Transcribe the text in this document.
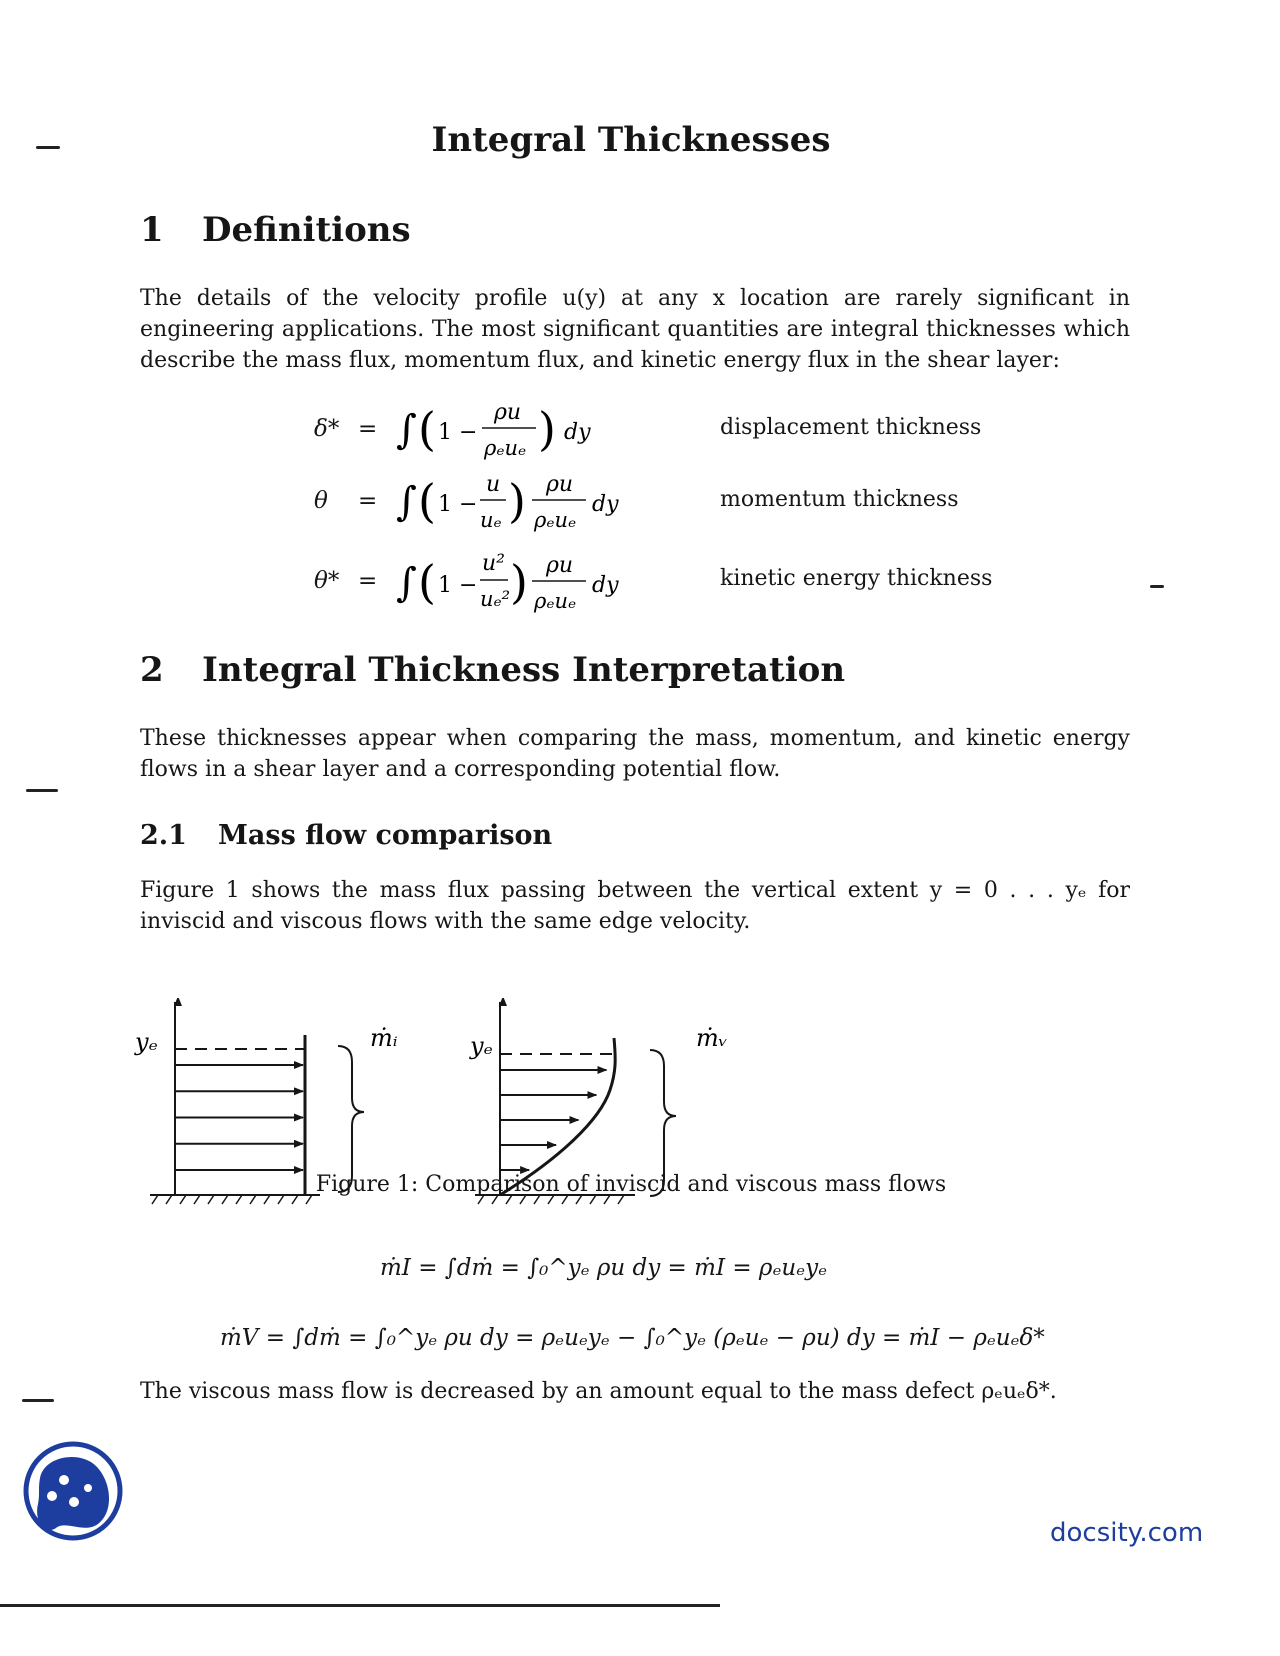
Integral Thicknesses
1 Definitions
The details of the velocity profile u(y) at any x location are rarely significant in engineering applications. The most significant quantities are integral thicknesses which describe the mass flux, momentum flux, and kinetic energy flux in the shear layer:
δ* = ∫ ( 1 −
ρu
ρₑuₑ ) dy	displacement thickness
θ = ∫ ( 1 −
u
uₑ ) ρu
ρₑuₑ
dy	momentum thickness
θ* = ∫ ( 1 −
u²
uₑ² ) ρu
ρₑuₑ
dy	kinetic energy thickness
2 Integral Thickness Interpretation
These thicknesses appear when comparing the mass, momentum, and kinetic energy flows in a shear layer and a corresponding potential flow.
2.1 Mass flow comparison
Figure 1 shows the mass flux passing between the vertical extent y = 0 . . . yₑ for inviscid and viscous flows with the same edge velocity.
yₑ	ṁᵢ	yₑ	ṁᵥ
Figure 1: Comparison of inviscid and viscous mass flows
ṁI = ∫dṁ = ∫₀^yₑ ρu dy = ṁI = ρₑuₑyₑ
ṁV = ∫dṁ = ∫₀^yₑ ρu dy = ρₑuₑyₑ − ∫₀^yₑ (ρₑuₑ − ρu) dy = ṁI − ρₑuₑδ*
The viscous mass flow is decreased by an amount equal to the mass defect ρₑuₑδ*.
docsity.com
